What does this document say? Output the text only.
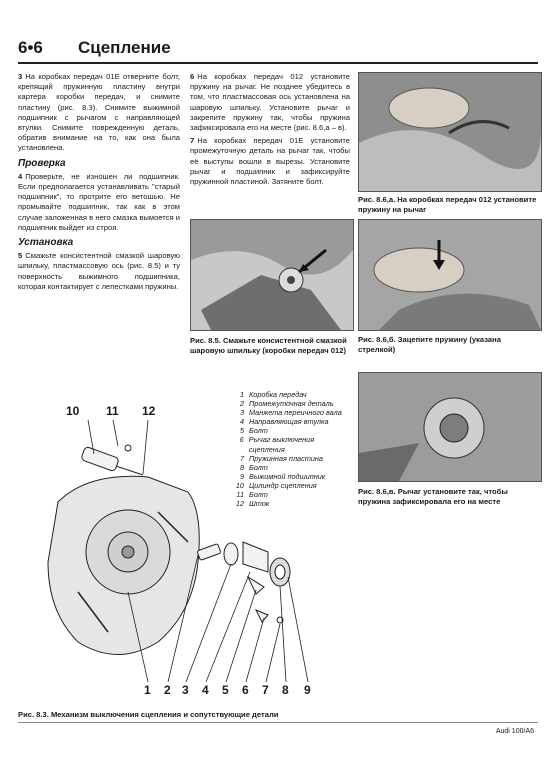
6•6 Сцепление

3 На коробках передач 01E отверните болт, крепящий пружинную пластину внутри картера коробки передач, и снимите пластину (рис. 8.3). Снимите выжимной подшипник с рычагом с направляющей втулки. Снимите поврежденную деталь, обратив внимание на то, как она была установлена.

Проверка

4 Проверьте, не изношен ли подшипник. Если предполагается устанавливать "старый подшипник", то протрите его ветошью. Не промывайте подшипник, так как в этом случае заложенная в него смазка вымоется и подшипник выйдет из строя.

Установка

5 Смажьте консистентной смазкой шаровую шпильку, пластмассовую ось (рис. 8.5) и ту поверхность выжимного подшипника, которая контактирует с лепестками пружины.

6 На коробках передач 012 установите пружину на рычаг. Не позднее убедитесь в том, что пластмассовая ось установлена на шаровую шпильку. Установите рычаг и закрепите пружину так, чтобы пружина зафиксировала его на месте (рис. 8.6,а – в).

7 На коробках передач 01E установите промежуточную деталь на рычаг так, чтобы её выступы вошли в вырезы. Установите рычаг и подшипник и зафиксируйте пружинной пластиной. Затяните болт.

Рис. 8.5. Смажьте консистентной смазкой шаровую шпильку (коробки передач 012)
Рис. 8.6,а. На коробках передач 012 установите пружину на рычаг
Рис. 8.6,б. Зацепите пружину (указана стрелкой)
Рис. 8.6,в. Рычаг установите так, чтобы пружина зафиксировала его на месте
10 11 12
1 2 3 4 5 6 7 8 9
1 Коробка передач
2 Промежуточная деталь
3 Манжета переичного вала
4 Направляющая втулка
5 Болт
6 Рычаг выключения сцепления
7 Пружинная пластина
8 Болт
9 Выжимной подшипник
10 Цилиндр сцепления
11 Болт
12 Шток
Рис. 8.3. Механизм выключения сцепления и сопутствующие детали
Audi 100/A6
